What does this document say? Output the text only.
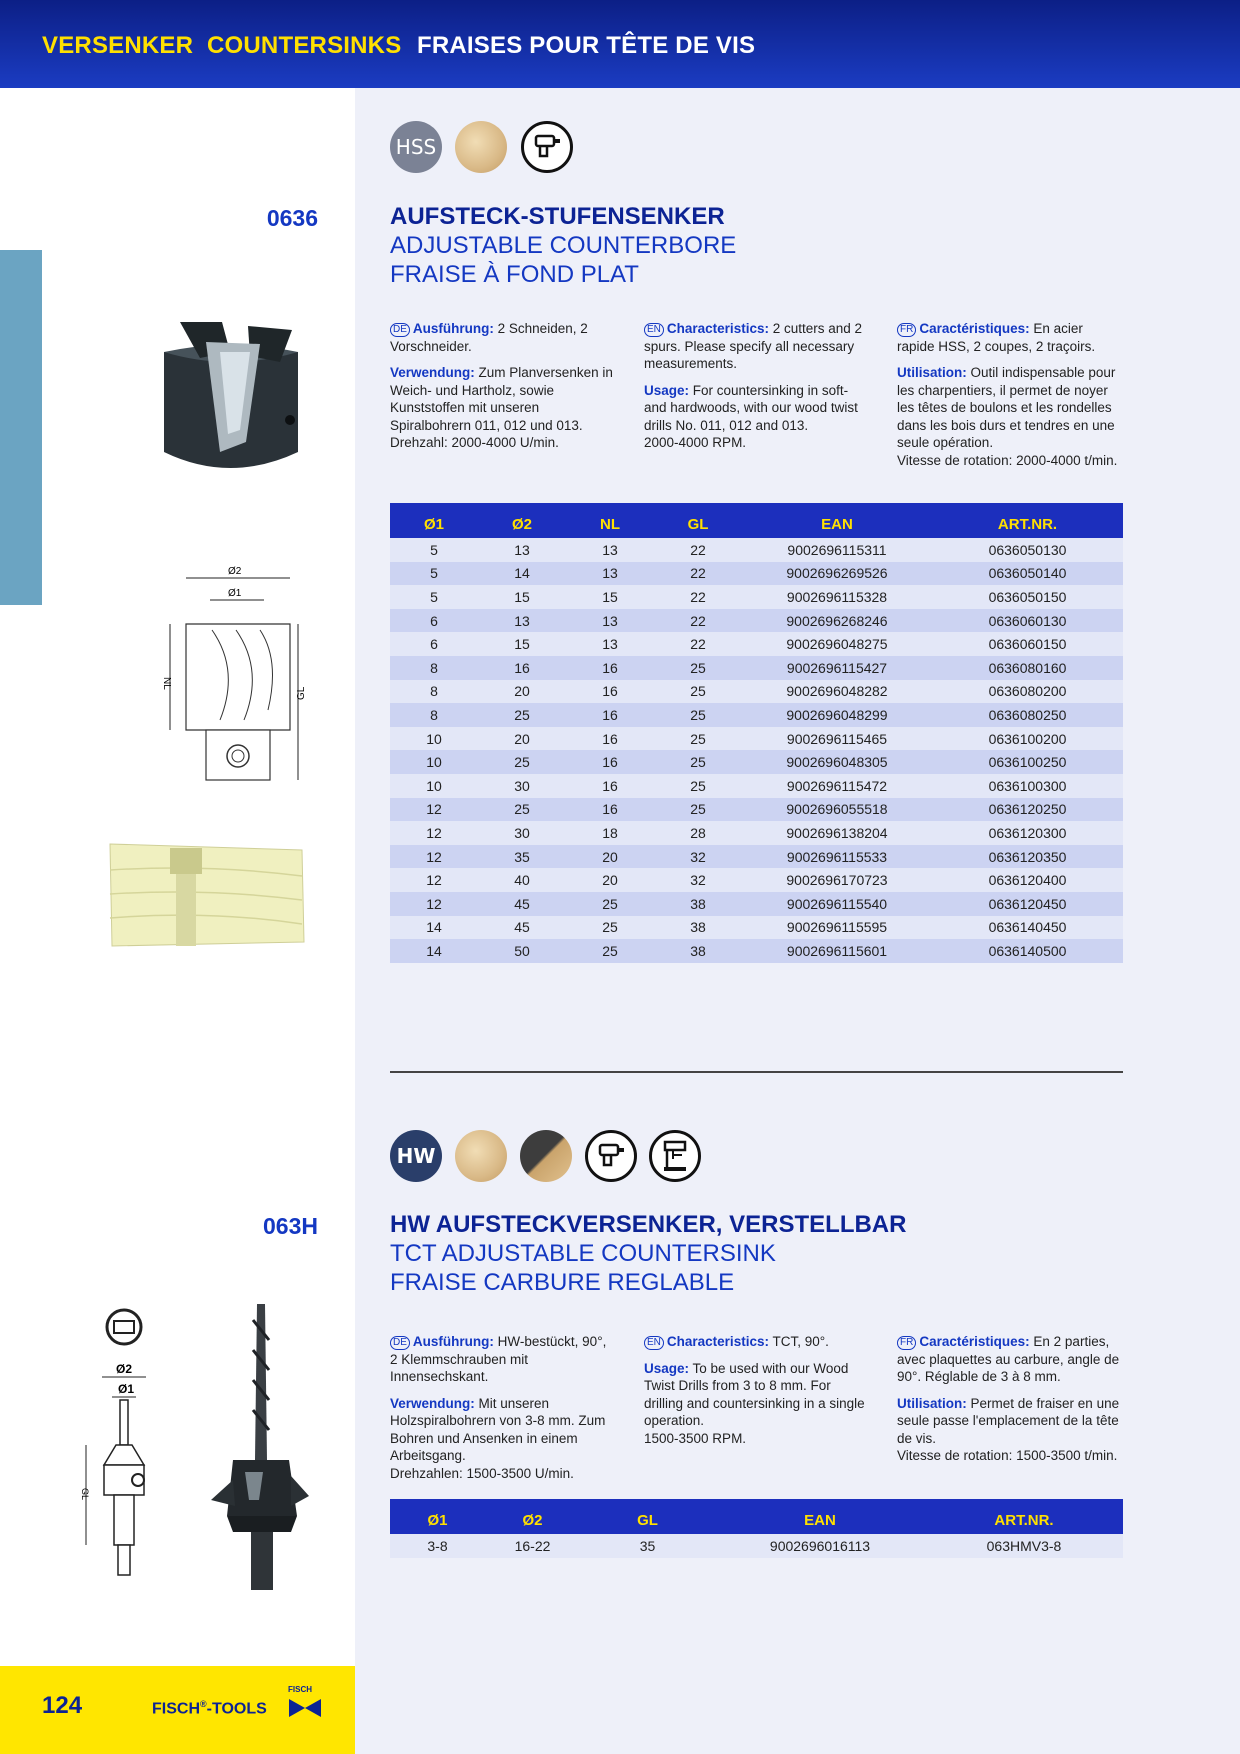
VERSENKER COUNTERSINKS FRAISES POUR TÊTE DE VIS
HSS
0636	AUFSTECK-STUFENSENKER
ADJUSTABLE COUNTERBORE
FRAISE À FOND PLAT
Ø2
Ø1
NL
GL

DE Ausführung: 2 Schneiden, 2 Vorschneider.

Verwendung: Zum Planversenken in Weich- und Hartholz, sowie Kunststoffen mit unseren Spiralbohrern 011, 012 und 013.
Drehzahl: 2000-4000 U/min.

EN Characteristics: 2 cutters and 2 spurs. Please specify all necessary measurements.

Usage: For countersinking in soft- and hardwoods, with our wood twist drills No. 011, 012 and 013.
2000-4000 RPM.

FR Caractéristiques: En acier rapide HSS, 2 coupes, 2 traçoirs.

Utilisation: Outil indispensable pour les charpentiers, il permet de noyer les têtes de boulons et les rondelles dans les bois durs et tendres en une seule opération.
Vitesse de rotation: 2000-4000 t/min.

Ø1	Ø2	NL	GL	EAN	ART.NR.
5	13	13	22	9002696115311	0636050130
5	14	13	22	9002696269526	0636050140
5	15	15	22	9002696115328	0636050150
6	13	13	22	9002696268246	0636060130
6	15	13	22	9002696048275	0636060150
8	16	16	25	9002696115427	0636080160
8	20	16	25	9002696048282	0636080200
8	25	16	25	9002696048299	0636080250
10	20	16	25	9002696115465	0636100200
10	25	16	25	9002696048305	0636100250
10	30	16	25	9002696115472	0636100300
12	25	16	25	9002696055518	0636120250
12	30	18	28	9002696138204	0636120300
12	35	20	32	9002696115533	0636120350
12	40	20	32	9002696170723	0636120400
12	45	25	38	9002696115540	0636120450
14	45	25	38	9002696115595	0636140450
14	50	25	38	9002696115601	0636140500
HW
063H	HW AUFSTECKVERSENKER, VERSTELLBAR
TCT ADJUSTABLE COUNTERSINK
FRAISE CARBURE REGLABLE
Ø2
Ø1
GL

DE Ausführung: HW-bestückt, 90°, 2 Klemmschrauben mit Innensechskant.

Verwendung: Mit unseren Holzspiralbohrern von 3-8 mm. Zum Bohren und Ansenken in einem Arbeitsgang.
Drehzahlen: 1500-3500 U/min.

EN Characteristics: TCT, 90°.

Usage: To be used with our Wood Twist Drills from 3 to 8 mm. For drilling and countersinking in a single operation.
1500-3500 RPM.

FR Caractéristiques: En 2 parties, avec plaquettes au carbure, angle de 90°. Réglable de 3 à 8 mm.

Utilisation: Permet de fraiser en une seule passe l'emplacement de la tête de vis.
Vitesse de rotation: 1500-3500 t/min.

Ø1	Ø2	GL	EAN	ART.NR.
3-8	16-22	35	9002696016113	063HMV3-8
124	FISCH®-TOOLS
FISCH
